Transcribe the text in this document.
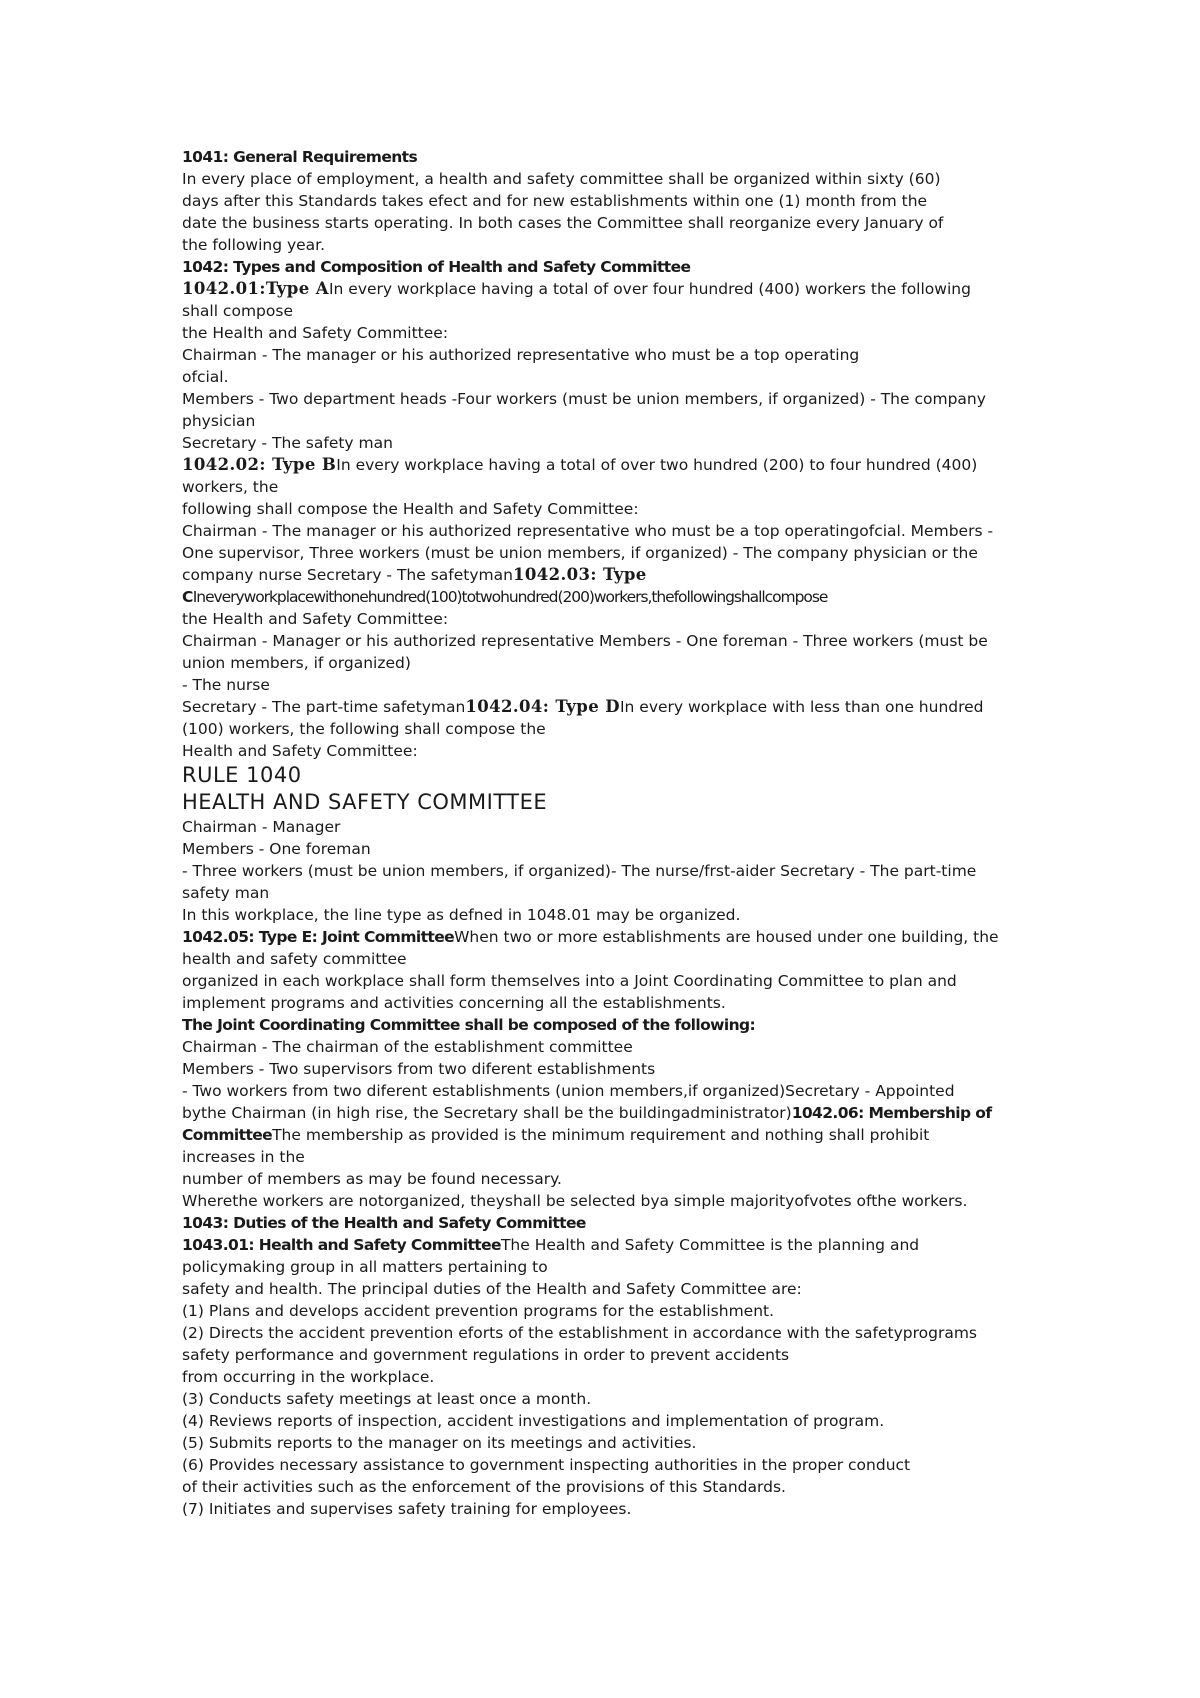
1041: General Requirements
In every place of employment, a health and safety committee shall be organized within sixty (60)
days after this Standards takes efect and for new establishments within one (1) month from the
date the business starts operating. In both cases the Committee shall reorganize every January of
the following year.
1042: Types and Composition of Health and Safety Committee
1042.01:Type AIn every workplace having a total of over four hundred (400) workers the following
shall compose
the Health and Safety Committee:
Chairman - The manager or his authorized representative who must be a top operating
ofcial.
Members - Two department heads -Four workers (must be union members, if organized) - The company
physician
Secretary - The safety man
1042.02: Type BIn every workplace having a total of over two hundred (200) to four hundred (400)
workers, the
following shall compose the Health and Safety Committee:
Chairman - The manager or his authorized representative who must be a top operatingofcial. Members -
One supervisor, Three workers (must be union members, if organized) - The company physician or the
company nurse Secretary - The safetyman1042.03: Type
CIneveryworkplacewithonehundred(100)totwohundred(200)workers,thefollowingshallcompose
the Health and Safety Committee:
Chairman - Manager or his authorized representative Members - One foreman - Three workers (must be
union members, if organized)
- The nurse
Secretary - The part-time safetyman1042.04: Type DIn every workplace with less than one hundred
(100) workers, the following shall compose the
Health and Safety Committee:
RULE 1040
HEALTH AND SAFETY COMMITTEE
Chairman - Manager
Members - One foreman
- Three workers (must be union members, if organized)- The nurse/frst-aider Secretary - The part-time
safety man
In this workplace, the line type as defned in 1048.01 may be organized.
1042.05: Type E: Joint CommitteeWhen two or more establishments are housed under one building, the
health and safety committee
organized in each workplace shall form themselves into a Joint Coordinating Committee to plan and
implement programs and activities concerning all the establishments.
The Joint Coordinating Committee shall be composed of the following:
Chairman - The chairman of the establishment committee
Members - Two supervisors from two diferent establishments
- Two workers from two diferent establishments (union members,if organized)Secretary - Appointed
bythe Chairman (in high rise, the Secretary shall be the buildingadministrator)1042.06: Membership of
CommitteeThe membership as provided is the minimum requirement and nothing shall prohibit
increases in the
number of members as may be found necessary.
Wherethe workers are notorganized, theyshall be selected bya simple majorityofvotes ofthe workers.
1043: Duties of the Health and Safety Committee
1043.01: Health and Safety CommitteeThe Health and Safety Committee is the planning and
policymaking group in all matters pertaining to
safety and health. The principal duties of the Health and Safety Committee are:
(1) Plans and develops accident prevention programs for the establishment.
(2) Directs the accident prevention eforts of the establishment in accordance with the safetyprograms
safety performance and government regulations in order to prevent accidents
from occurring in the workplace.
(3) Conducts safety meetings at least once a month.
(4) Reviews reports of inspection, accident investigations and implementation of program.
(5) Submits reports to the manager on its meetings and activities.
(6) Provides necessary assistance to government inspecting authorities in the proper conduct
of their activities such as the enforcement of the provisions of this Standards.
(7) Initiates and supervises safety training for employees.
